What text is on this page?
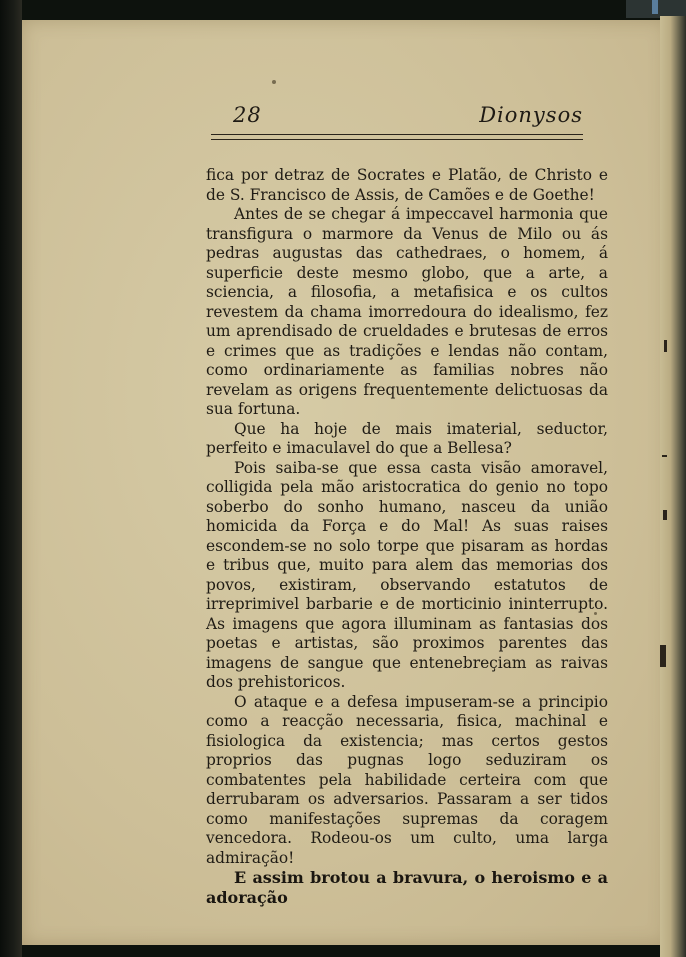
28	Dionysos

fica por detraz de Socrates e Platão, de Christo e de S. Francisco de Assis, de Camões e de Goethe!

Antes de se chegar á impeccavel harmonia que transfigura o marmore da Venus de Milo ou ás pedras augustas das cathedraes, o homem, á superficie deste mesmo globo, que a arte, a sciencia, a filosofia, a metafisica e os cultos revestem da chama imorredoura do idealismo, fez um aprendisado de crueldades e brutesas de erros e crimes que as tradições e lendas não contam, como ordinariamente as familias nobres não revelam as origens frequentemente delictuosas da sua fortuna.

Que ha hoje de mais imaterial, seductor, perfeito e imaculavel do que a Bellesa?

Pois saiba-se que essa casta visão amoravel, colligida pela mão aristocratica do genio no topo soberbo do sonho humano, nasceu da união homicida da Força e do Mal! As suas raises escondem-se no solo torpe que pisaram as hordas e tribus que, muito para alem das memorias dos povos, existiram, observando estatutos de irreprimivel barbarie e de morticinio ininterrupto. As imagens que agora illuminam as fantasias dos poetas e artistas, são proximos parentes das imagens de sangue que entenebreçiam as raivas dos prehistoricos.

O ataque e a defesa impuseram-se a principio como a reacção necessaria, fisica, machinal e fisiologica da existencia; mas certos gestos proprios das pugnas logo seduziram os combatentes pela habilidade certeira com que derrubaram os adversarios. Passaram a ser tidos como manifestações supremas da coragem vencedora. Rodeou-os um culto, uma larga admiração!

E assim brotou a bravura, o heroismo e a adoração
